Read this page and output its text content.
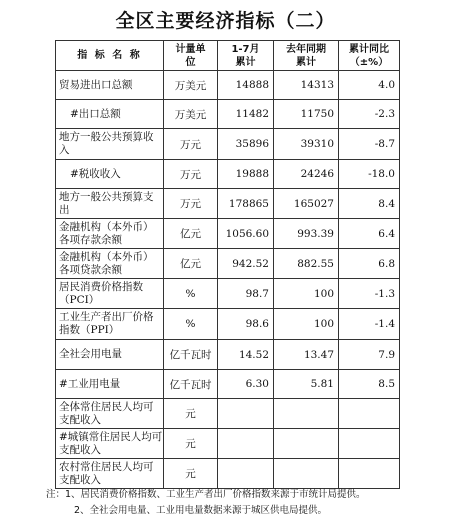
全区主要经济指标（二）
指 标 名 称	计量单位	1-7月累计	去年同期累计	累计同比（±%）
贸易进出口总额	万美元	14888	14313	4.0
#出口总额	万美元	11482	11750	-2.3
地方一般公共预算收入	万元	35896	39310	-8.7
#税收收入	万元	19888	24246	-18.0
地方一般公共预算支出	万元	178865	165027	8.4
金融机构（本外币）各项存款余额	亿元	1056.60	993.39	6.4
金融机构（本外币）各项贷款余额	亿元	942.52	882.55	6.8
居民消费价格指数（PCI）	%	98.7	100	-1.3
工业生产者出厂价格指数（PPI）	%	98.6	100	-1.4
全社会用电量	亿千瓦时	14.52	13.47	7.9
#工业用电量	亿千瓦时	6.30	5.81	8.5
全体常住居民人均可支配收入	元			
#城镇常住居民人均可支配收入	元			
农村常住居民人均可支配收入	元			
注：1、居民消费价格指数、工业生产者出厂价格指数来源于市统计局提供。
2、全社会用电量、工业用电量数据来源于城区供电局提供。
